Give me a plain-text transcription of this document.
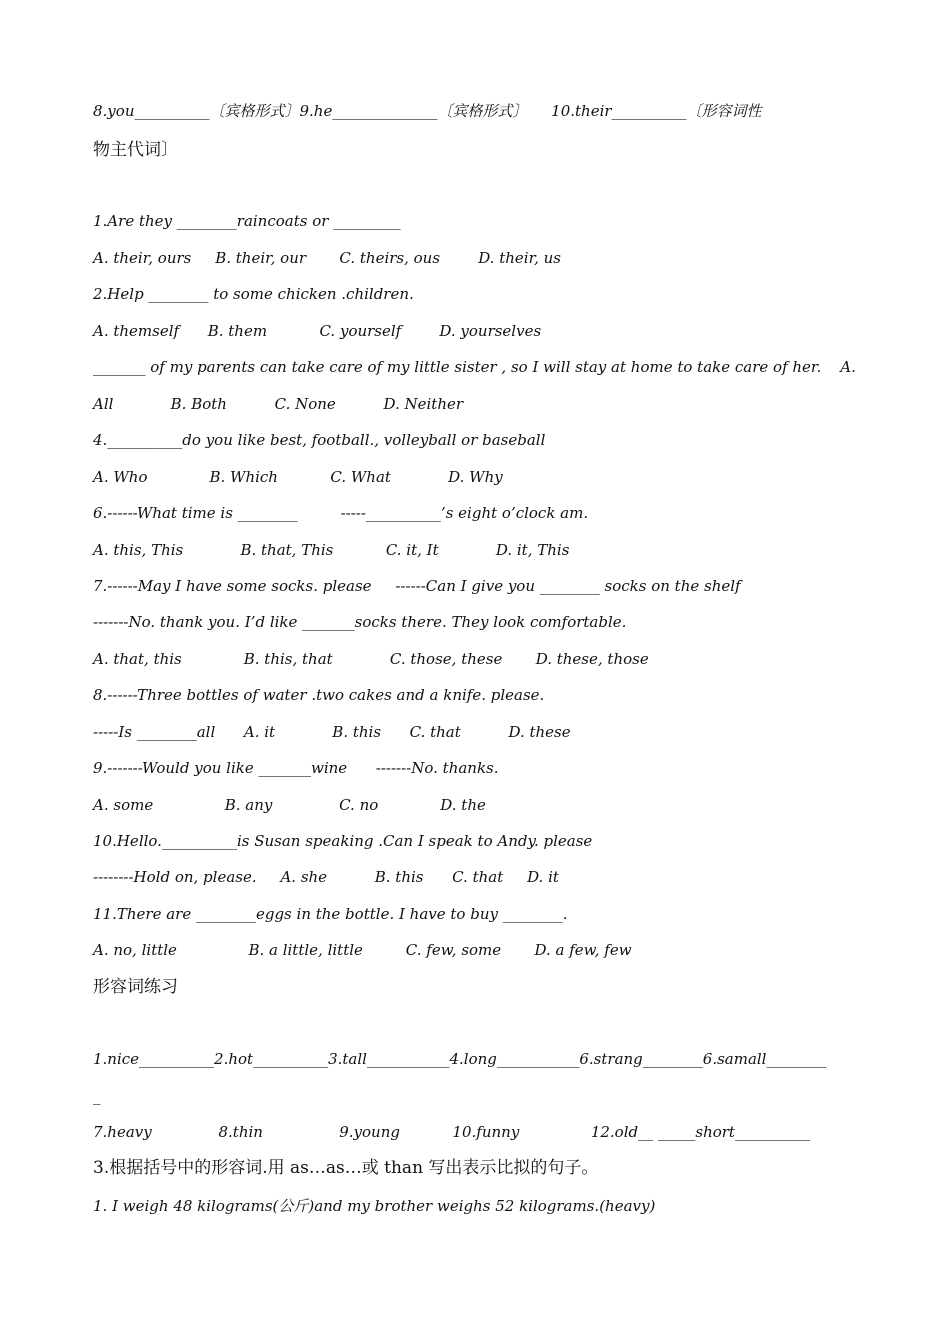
8.you__________〔宾格形式〕9.he______________〔宾格形式〕     10.their__________〔形容词性
物主代词〕
1.Are they ________raincoats or _________
A. their, ours     B. their, our       C. theirs, ous        D. their, us
2.Help ________ to some chicken .children.
A. themself      B. them           C. yourself        D. yourselves
_______ of my parents can take care of my little sister , so I will stay at home to take care of her.    A.
All            B. Both          C. None          D. Neither
4.__________do you like best, football., volleyball or baseball
A. Who             B. Which           C. What            D. Why
6.------What time is ________         -----__________’s eight o’clock am.
A. this, This            B. that, This           C. it, It            D. it, This
7.------May I have some socks. please     ------Can I give you ________ socks on the shelf
-------No. thank you. I’d like _______socks there. They look comfortable.
A. that, this             B. this, that            C. those, these       D. these, those
8.------Three bottles of water .two cakes and a knife. please.
-----Is ________all      A. it            B. this      C. that          D. these
9.-------Would you like _______wine      -------No. thanks.
A. some               B. any              C. no             D. the
10.Hello.__________is Susan speaking .Can I speak to Andy. please
--------Hold on, please.     A. she          B. this      C. that     D. it
11.There are ________eggs in the bottle. I have to buy ________.
A. no, little               B. a little, little         C. few, some       D. a few, few
形容词练习
1.nice__________2.hot__________3.tall___________4.long___________6.strang________6.samall________
_
7.heavy              8.thin                9.young           10.funny               12.old__ _____short__________
3.根据括号中的形容词.用 as…as…或 than 写出表示比拟的句子。
1. I weigh 48 kilograms(公斤)and my brother weighs 52 kilograms.(heavy)
